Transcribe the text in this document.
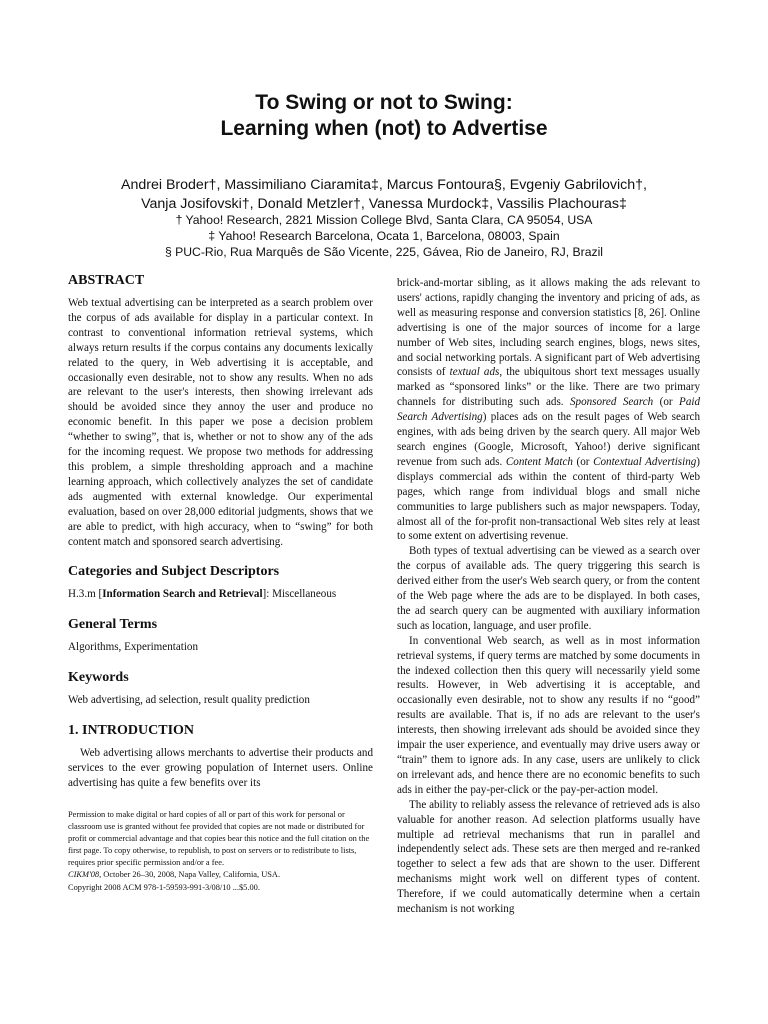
To Swing or not to Swing:
Learning when (not) to Advertise
Andrei Broder†, Massimiliano Ciaramita‡, Marcus Fontoura§, Evgeniy Gabrilovich†,
Vanja Josifovski†, Donald Metzler†, Vanessa Murdock‡, Vassilis Plachouras‡
† Yahoo! Research, 2821 Mission College Blvd, Santa Clara, CA 95054, USA
‡ Yahoo! Research Barcelona, Ocata 1, Barcelona, 08003, Spain
§ PUC-Rio, Rua Marquês de São Vicente, 225, Gávea, Rio de Janeiro, RJ, Brazil
ABSTRACT

Web textual advertising can be interpreted as a search problem over the corpus of ads available for display in a particular context. In contrast to conventional information retrieval systems, which always return results if the corpus contains any documents lexically related to the query, in Web advertising it is acceptable, and occasionally even desirable, not to show any results. When no ads are relevant to the user's interests, then showing irrelevant ads should be avoided since they annoy the user and produce no economic benefit. In this paper we pose a decision problem “whether to swing”, that is, whether or not to show any of the ads for the incoming request. We propose two methods for addressing this problem, a simple thresholding approach and a machine learning approach, which collectively analyzes the set of candidate ads augmented with external knowledge. Our experimental evaluation, based on over 28,000 editorial judgments, shows that we are able to predict, with high accuracy, when to “swing” for both content match and sponsored search advertising.

Categories and Subject Descriptors

H.3.m [Information Search and Retrieval]: Miscellaneous

General Terms

Algorithms, Experimentation

Keywords

Web advertising, ad selection, result quality prediction

1. INTRODUCTION

Web advertising allows merchants to advertise their products and services to the ever growing population of Internet users. Online advertising has quite a few benefits over its

Permission to make digital or hard copies of all or part of this work for personal or classroom use is granted without fee provided that copies are not made or distributed for profit or commercial advantage and that copies bear this notice and the full citation on the first page. To copy otherwise, to republish, to post on servers or to redistribute to lists, requires prior specific permission and/or a fee.
CIKM'08, October 26–30, 2008, Napa Valley, California, USA.
Copyright 2008 ACM 978-1-59593-991-3/08/10 ...$5.00.

brick-and-mortar sibling, as it allows making the ads relevant to users' actions, rapidly changing the inventory and pricing of ads, as well as measuring response and conversion statistics [8, 26]. Online advertising is one of the major sources of income for a large number of Web sites, including search engines, blogs, news sites, and social networking portals. A significant part of Web advertising consists of textual ads, the ubiquitous short text messages usually marked as “sponsored links” or the like. There are two primary channels for distributing such ads. Sponsored Search (or Paid Search Advertising) places ads on the result pages of Web search engines, with ads being driven by the search query. All major Web search engines (Google, Microsoft, Yahoo!) derive significant revenue from such ads. Content Match (or Contextual Advertising) displays commercial ads within the content of third-party Web pages, which range from individual blogs and small niche communities to large publishers such as major newspapers. Today, almost all of the for-profit non-transactional Web sites rely at least to some extent on advertising revenue.

Both types of textual advertising can be viewed as a search over the corpus of available ads. The query triggering this search is derived either from the user's Web search query, or from the content of the Web page where the ads are to be displayed. In both cases, the ad search query can be augmented with auxiliary information such as location, language, and user profile.

In conventional Web search, as well as in most information retrieval systems, if query terms are matched by some documents in the indexed collection then this query will necessarily yield some results. However, in Web advertising it is acceptable, and occasionally even desirable, not to show any results if no “good” results are available. That is, if no ads are relevant to the user's interests, then showing irrelevant ads should be avoided since they impair the user experience, and eventually may drive users away or “train” them to ignore ads. In any case, users are unlikely to click on irrelevant ads, and hence there are no economic benefits to such ads in either the pay-per-click or the pay-per-action model.

The ability to reliably assess the relevance of retrieved ads is also valuable for another reason. Ad selection platforms usually have multiple ad retrieval mechanisms that run in parallel and independently select ads. These sets are then merged and re-ranked together to select a few ads that are shown to the user. Different mechanisms might work well on different types of content. Therefore, if we could automatically determine when a certain mechanism is not working
